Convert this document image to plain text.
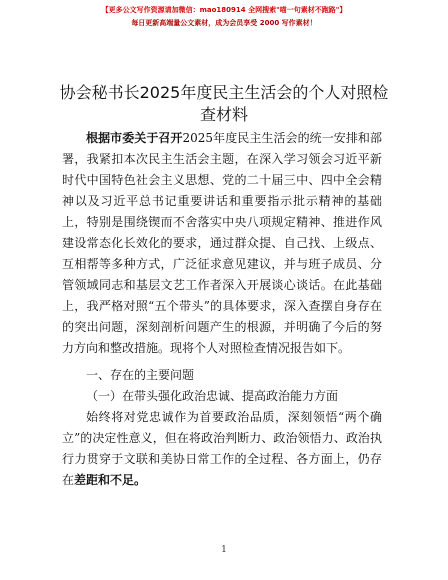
【更多公文写作资源请加微信：mao180914 全网搜索"喵一句素材不跑路"】
每日更新高端量公文素材，成为会员享受 2000 写作素材！
协会秘书长2025年度民主生活会的个人对照检查材料

根据市委关于召开2025年度民主生活会的统一安排和部署，我紧扣本次民主生活会主题，在深入学习领会习近平新时代中国特色社会主义思想、党的二十届三中、四中全会精神以及习近平总书记重要讲话和重要指示批示精神的基础上，特别是围绕锲而不舍落实中央八项规定精神、推进作风建设常态化长效化的要求，通过群众提、自己找、上级点、互相帮等多种方式，广泛征求意见建议，并与班子成员、分管领域同志和基层文艺工作者深入开展谈心谈话。在此基础上，我严格对照“五个带头”的具体要求，深入查摆自身存在的突出问题，深刻剖析问题产生的根源，并明确了今后的努力方向和整改措施。现将个人对照检查情况报告如下。

一、存在的主要问题

（一）在带头强化政治忠诚、提高政治能力方面

始终将对党忠诚作为首要政治品质，深刻领悟“两个确立”的决定性意义，但在将政治判断力、政治领悟力、政治执行力贯穿于文联和美协日常工作的全过程、各方面上，仍存在差距和不足。

1
